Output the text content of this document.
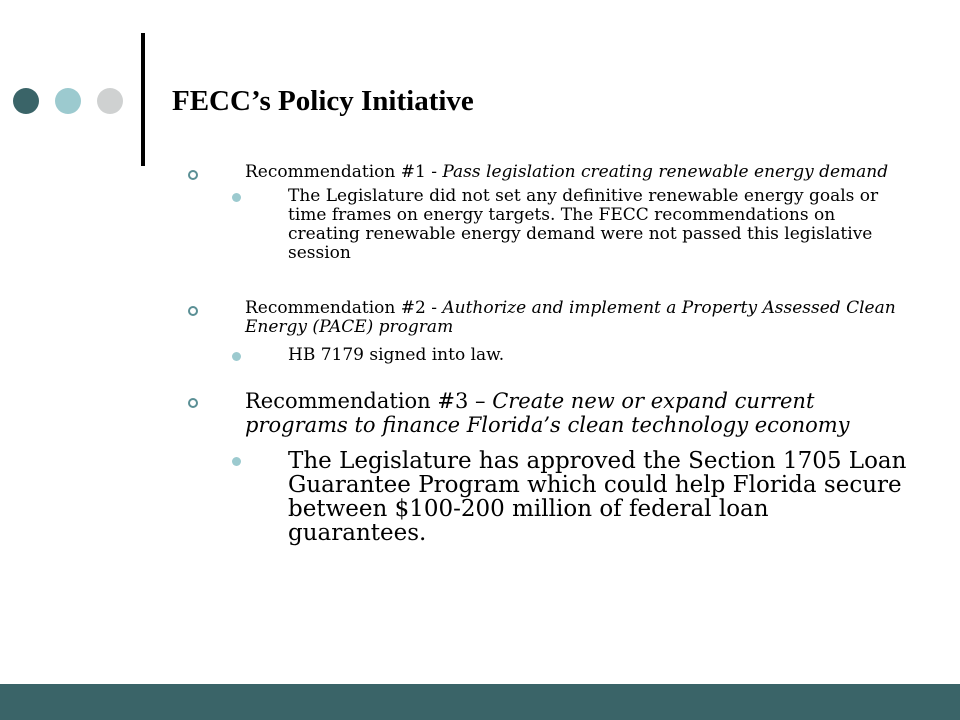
FECC’s Policy Initiative
Recommendation #1 - Pass legislation creating renewable energy demand
The Legislature did not set any definitive renewable energy goals or time frames on energy targets. The FECC recommendations on creating renewable energy demand were not passed this legislative session
Recommendation #2 - Authorize and implement a Property Assessed Clean Energy (PACE) program
HB 7179 signed into law.
Recommendation #3 – Create new or expand current programs to finance Florida’s clean technology economy
The Legislature has approved the Section 1705 Loan Guarantee Program which could help Florida secure between $100-200 million of federal loan guarantees.
